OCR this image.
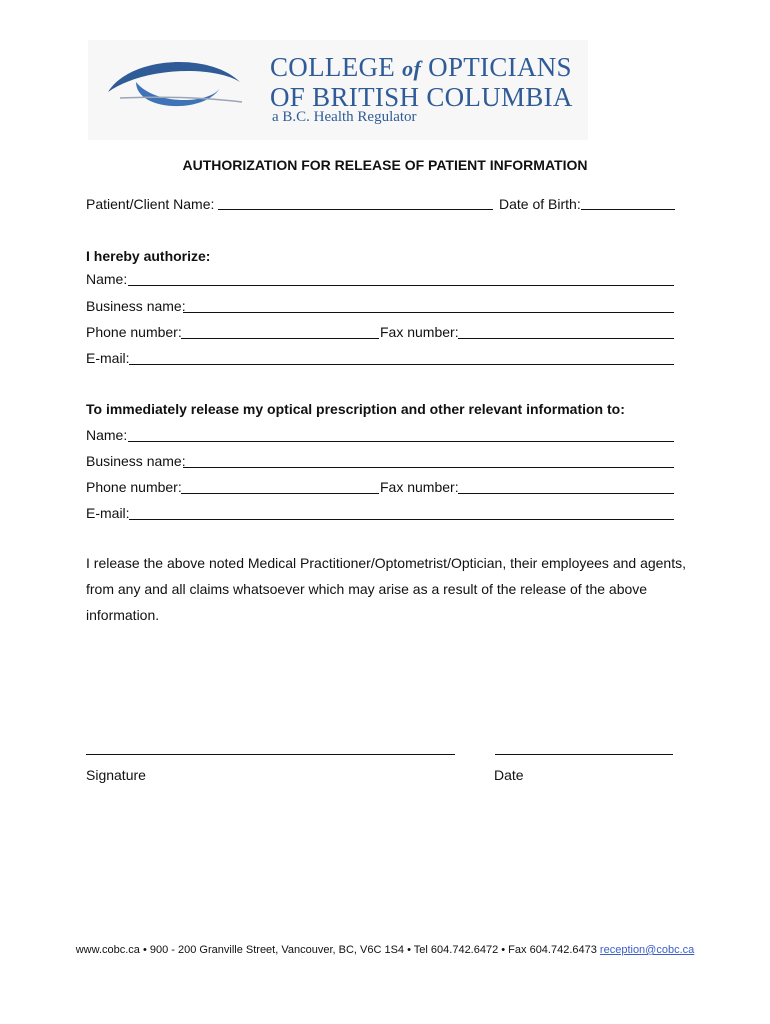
COLLEGE of OPTICIANS
OF BRITISH COLUMBIA
a B.C. Health Regulator
AUTHORIZATION FOR RELEASE OF PATIENT INFORMATION
Patient/Client Name:	Date of Birth:
I hereby authorize:
Name:
Business name:
Phone number:	Fax number:
E-mail:
To immediately release my optical prescription and other relevant information to:
Name:
Business name:
Phone number:	Fax number:
E-mail:
I release the above noted Medical Practitioner/Optometrist/Optician, their employees and agents, from any and all claims whatsoever which may arise as a result of the release of the above information.
Signature	Date
www.cobc.ca • 900 - 200 Granville Street, Vancouver, BC, V6C 1S4 • Tel 604.742.6472 • Fax 604.742.6473 reception@cobc.ca
